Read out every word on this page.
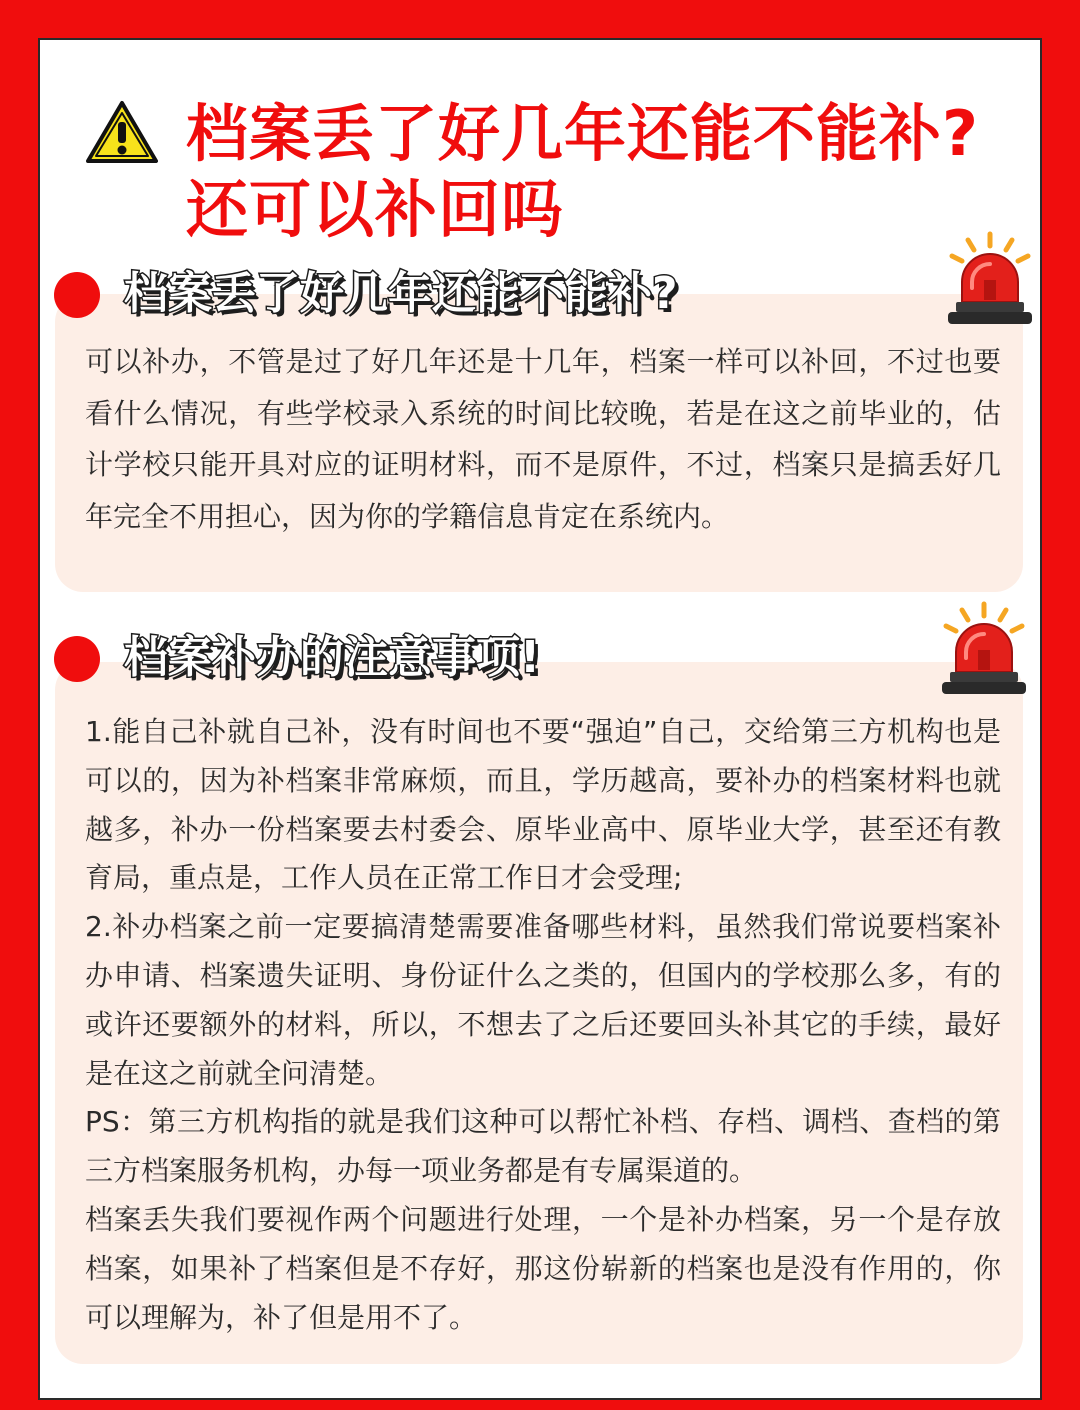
档案丢了好几年还能不能补?
还可以补回吗
档案丢了好几年还能不能补?

可以补办，不管是过了好几年还是十几年，档案一样可以补回，不过也要看什么情况，有些学校录入系统的时间比较晚，若是在这之前毕业的，估计学校只能开具对应的证明材料，而不是原件，不过，档案只是搞丢好几年完全不用担心，因为你的学籍信息肯定在系统内。

档案补办的注意事项!

1.能自己补就自己补，没有时间也不要“强迫”自己，交给第三方机构也是可以的，因为补档案非常麻烦，而且，学历越高，要补办的档案材料也就越多，补办一份档案要去村委会、原毕业高中、原毕业大学，甚至还有教育局，重点是，工作人员在正常工作日才会受理;

2.补办档案之前一定要搞清楚需要准备哪些材料，虽然我们常说要档案补办申请、档案遗失证明、身份证什么之类的，但国内的学校那么多，有的或许还要额外的材料，所以，不想去了之后还要回头补其它的手续，最好是在这之前就全问清楚。

PS：第三方机构指的就是我们这种可以帮忙补档、存档、调档、查档的第三方档案服务机构，办每一项业务都是有专属渠道的。

档案丢失我们要视作两个问题进行处理，一个是补办档案，另一个是存放档案，如果补了档案但是不存好，那这份崭新的档案也是没有作用的，你可以理解为，补了但是用不了。
